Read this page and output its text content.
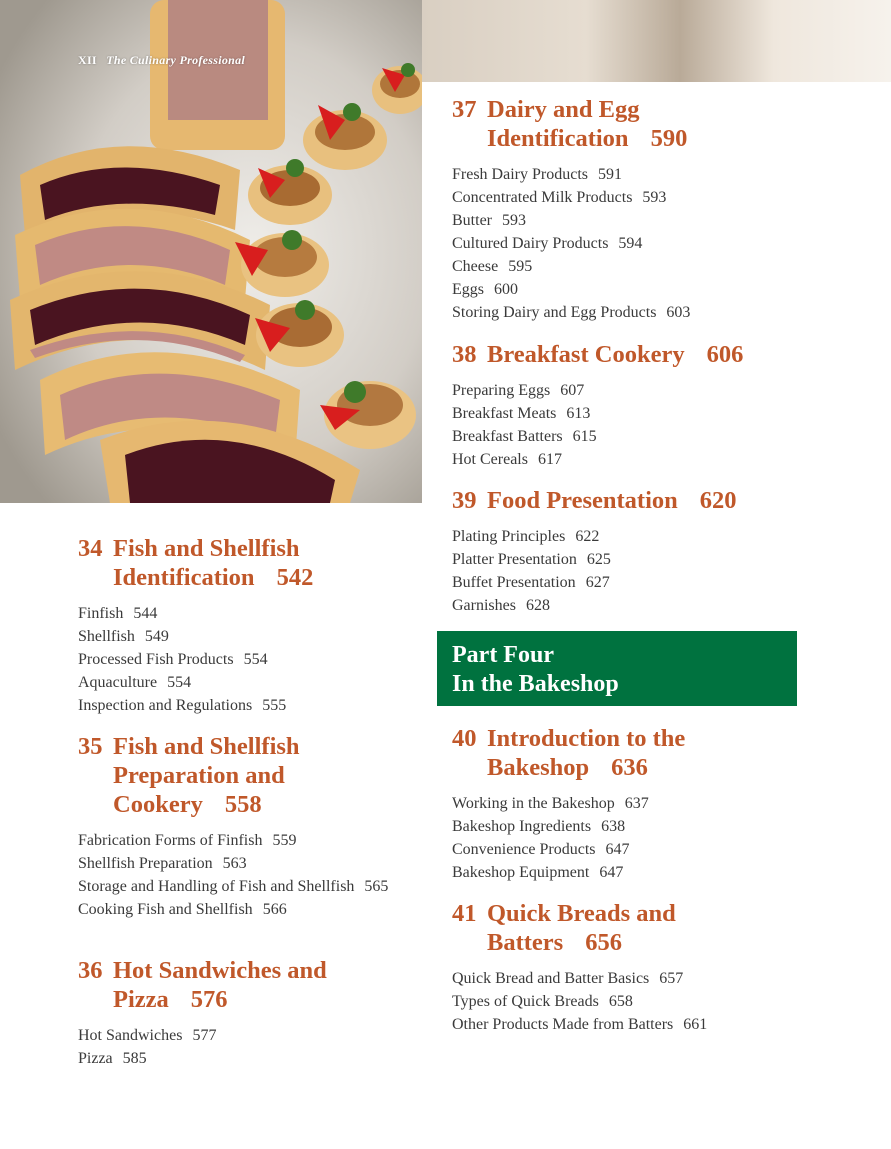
XII The Culinary Professional
34 Fish and Shellfish Identification 542
Finfish 544
Shellfish 549
Processed Fish Products 554
Aquaculture 554
Inspection and Regulations 555
35 Fish and Shellfish Preparation and Cookery 558
Fabrication Forms of Finfish 559
Shellfish Preparation 563
Storage and Handling of Fish and Shellfish 565
Cooking Fish and Shellfish 566
36 Hot Sandwiches and Pizza 576
Hot Sandwiches 577
Pizza 585
37 Dairy and Egg Identification 590
Fresh Dairy Products 591
Concentrated Milk Products 593
Butter 593
Cultured Dairy Products 594
Cheese 595
Eggs 600
Storing Dairy and Egg Products 603
38 Breakfast Cookery 606
Preparing Eggs 607
Breakfast Meats 613
Breakfast Batters 615
Hot Cereals 617
39 Food Presentation 620
Plating Principles 622
Platter Presentation 625
Buffet Presentation 627
Garnishes 628
Part Four
In the Bakeshop
40 Introduction to the Bakeshop 636
Working in the Bakeshop 637
Bakeshop Ingredients 638
Convenience Products 647
Bakeshop Equipment 647
41 Quick Breads and Batters 656
Quick Bread and Batter Basics 657
Types of Quick Breads 658
Other Products Made from Batters 661
